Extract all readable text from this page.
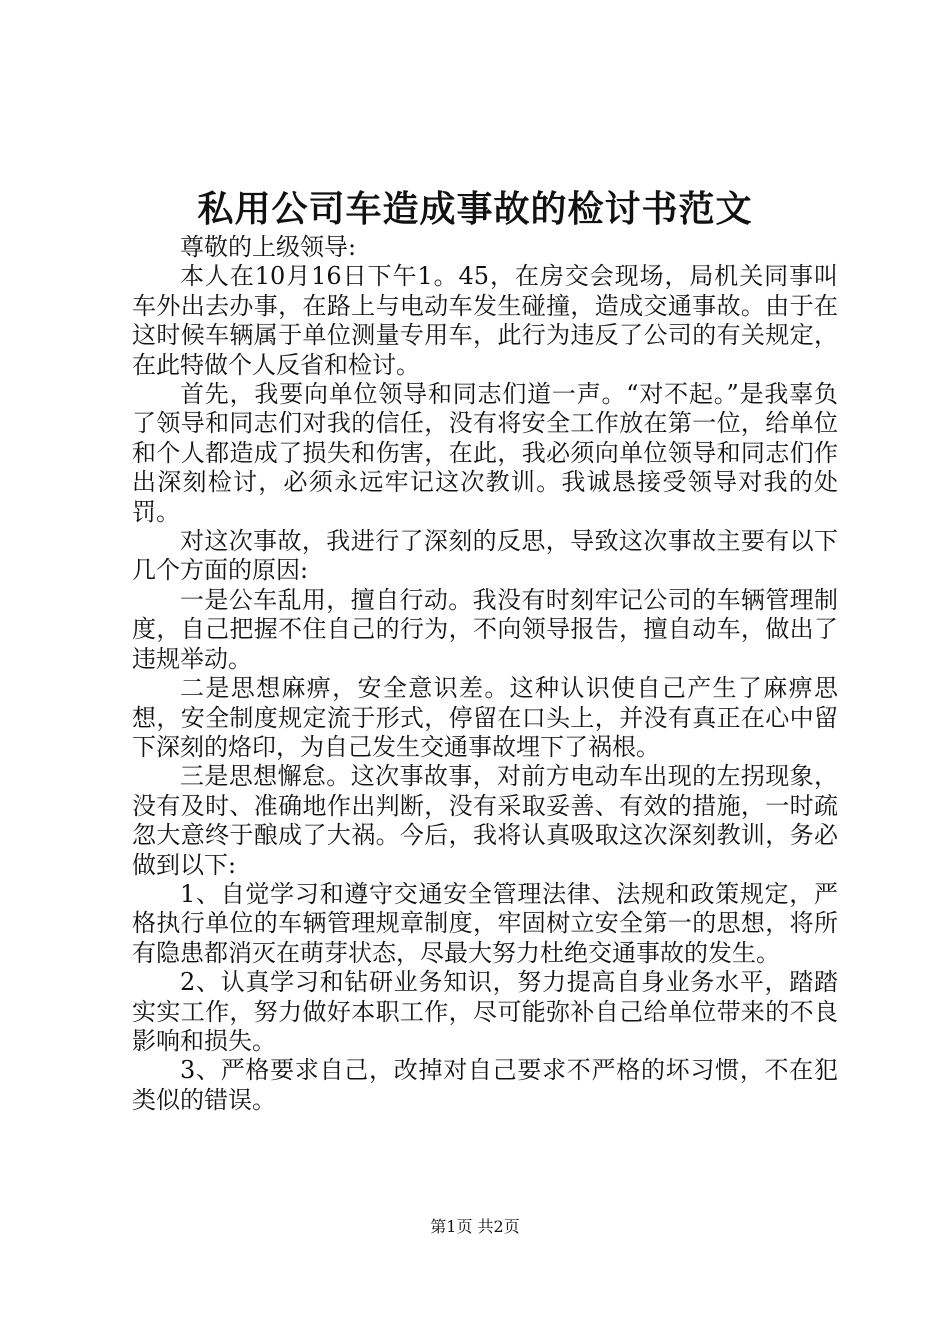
私用公司车造成事故的检讨书范文

尊敬的上级领导:

本人在10月16日下午1。45，在房交会现场，局机关同事叫车外出去办事，在路上与电动车发生碰撞，造成交通事故。由于在这时候车辆属于单位测量专用车，此行为违反了公司的有关规定，在此特做个人反省和检讨。

首先，我要向单位领导和同志们道一声。“对不起。”是我辜负了领导和同志们对我的信任，没有将安全工作放在第一位，给单位和个人都造成了损失和伤害，在此，我必须向单位领导和同志们作出深刻检讨，必须永远牢记这次教训。我诚恳接受领导对我的处罚。

对这次事故，我进行了深刻的反思，导致这次事故主要有以下几个方面的原因:

一是公车乱用，擅自行动。我没有时刻牢记公司的车辆管理制度，自己把握不住自己的行为，不向领导报告，擅自动车，做出了违规举动。

二是思想麻痹，安全意识差。这种认识使自己产生了麻痹思想，安全制度规定流于形式，停留在口头上，并没有真正在心中留下深刻的烙印，为自己发生交通事故埋下了祸根。

三是思想懈怠。这次事故事，对前方电动车出现的左拐现象，没有及时、准确地作出判断，没有采取妥善、有效的措施，一时疏忽大意终于酿成了大祸。今后，我将认真吸取这次深刻教训，务必做到以下:

1、自觉学习和遵守交通安全管理法律、法规和政策规定，严格执行单位的车辆管理规章制度，牢固树立安全第一的思想，将所有隐患都消灭在萌芽状态，尽最大努力杜绝交通事故的发生。

2、认真学习和钻研业务知识，努力提高自身业务水平，踏踏实实工作，努力做好本职工作，尽可能弥补自己给单位带来的不良影响和损失。

3、严格要求自己，改掉对自己要求不严格的坏习惯，不在犯类似的错误。

第1页 共2页
